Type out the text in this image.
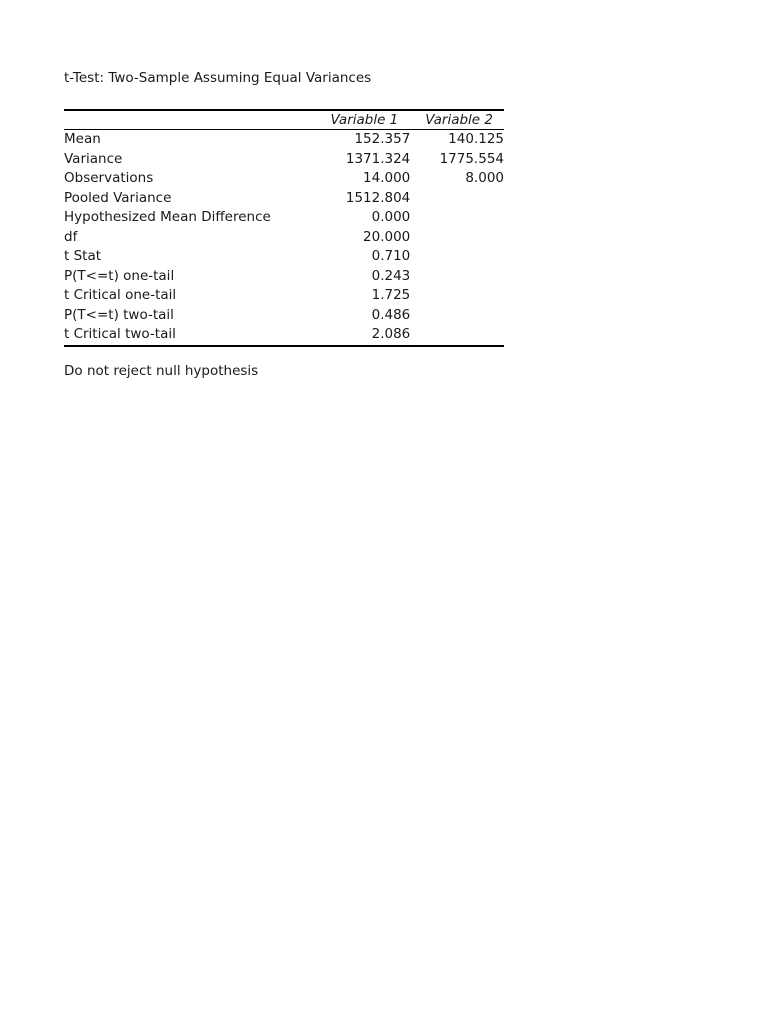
t-Test: Two-Sample Assuming Equal Variances
	Variable 1	Variable 2
Mean	152.357	140.125
Variance	1371.324	1775.554
Observations	14.000	8.000
Pooled Variance	1512.804	
Hypothesized Mean Difference	0.000	
df	20.000	
t Stat	0.710	
P(T<=t) one-tail	0.243	
t Critical one-tail	1.725	
P(T<=t) two-tail	0.486	
t Critical two-tail	2.086	
Do not reject null hypothesis
